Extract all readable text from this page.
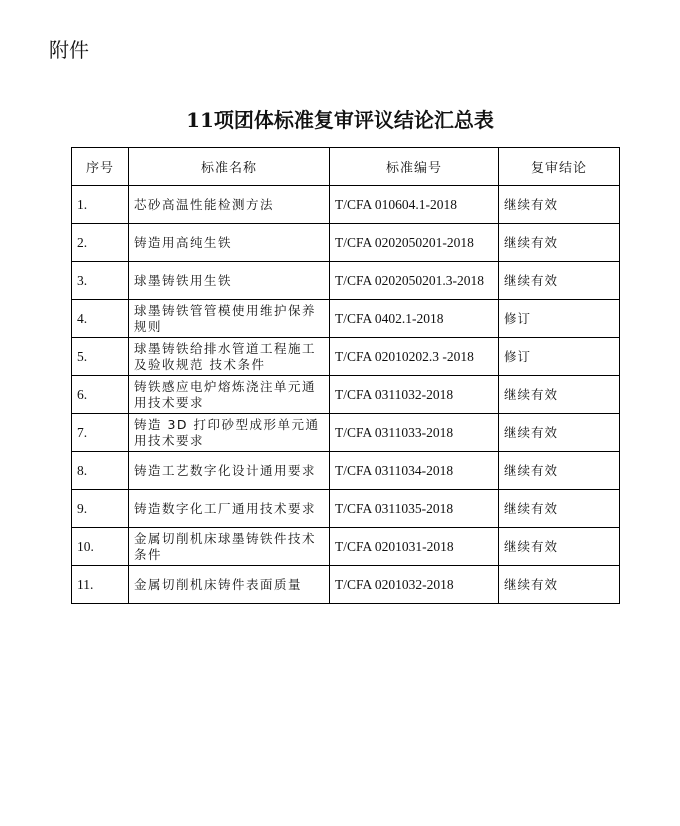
附件
11项团体标准复审评议结论汇总表
序号	标准名称	标准编号	复审结论
1.	芯砂高温性能检测方法	T/CFA 010604.1-2018	继续有效
2.	铸造用高纯生铁	T/CFA 0202050201-2018	继续有效
3.	球墨铸铁用生铁	T/CFA 0202050201.3-2018	继续有效
4.	球墨铸铁管管模使用维护保养规则	T/CFA 0402.1-2018	修订
5.	球墨铸铁给排水管道工程施工及验收规范 技术条件	T/CFA 02010202.3 -2018	修订
6.	铸铁感应电炉熔炼浇注单元通用技术要求	T/CFA 0311032-2018	继续有效
7.	铸造 3D 打印砂型成形单元通用技术要求	T/CFA 0311033-2018	继续有效
8.	铸造工艺数字化设计通用要求	T/CFA 0311034-2018	继续有效
9.	铸造数字化工厂通用技术要求	T/CFA 0311035-2018	继续有效
10.	金属切削机床球墨铸铁件技术条件	T/CFA 0201031-2018	继续有效
11.	金属切削机床铸件表面质量	T/CFA 0201032-2018	继续有效
